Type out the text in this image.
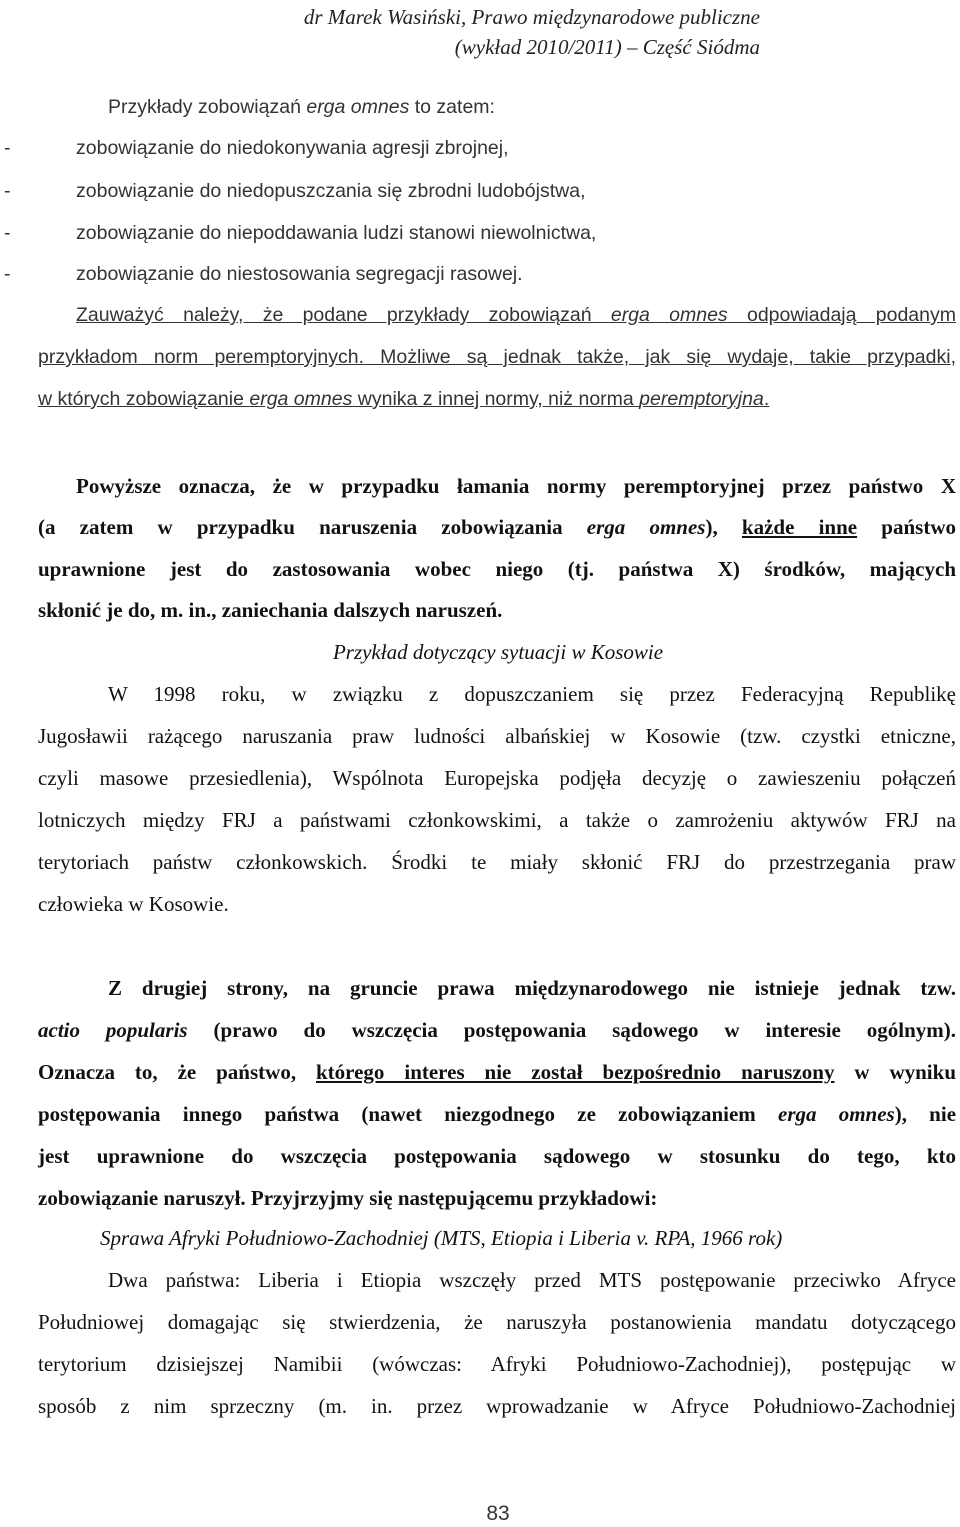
dr Marek Wasiński, Prawo międzynarodowe publiczne
(wykład 2010/2011) – Część Siódma
Przykłady zobowiązań erga omnes to zatem:
-	zobowiązanie do niedokonywania agresji zbrojnej,
-	zobowiązanie do niedopuszczania się zbrodni ludobójstwa,
-	zobowiązanie do niepoddawania ludzi stanowi niewolnictwa,
-	zobowiązanie do niestosowania segregacji rasowej.
Zauważyć należy, że podane przykłady zobowiązań erga omnes odpowiadają podanym
przykładom norm peremptoryjnych. Możliwe są jednak także, jak się wydaje, takie przypadki,
w których zobowiązanie erga omnes wynika z innej normy, niż norma peremptoryjna.
Powyższe oznacza, że w przypadku łamania normy peremptoryjnej przez państwo X
(a zatem w przypadku naruszenia zobowiązania erga omnes), każde inne państwo
uprawnione jest do zastosowania wobec niego (tj. państwa X) środków, mających
skłonić je do, m. in., zaniechania dalszych naruszeń.
Przykład dotyczący sytuacji w Kosowie
W 1998 roku, w związku z dopuszczaniem się przez Federacyjną Republikę
Jugosławii rażącego naruszania praw ludności albańskiej w Kosowie (tzw. czystki etniczne,
czyli masowe przesiedlenia), Wspólnota Europejska podjęła decyzję o zawieszeniu połączeń
lotniczych między FRJ a państwami członkowskimi, a także o zamrożeniu aktywów FRJ na
terytoriach państw członkowskich. Środki te miały skłonić FRJ do przestrzegania praw
człowieka w Kosowie.
Z drugiej strony, na gruncie prawa międzynarodowego nie istnieje jednak tzw.
actio popularis (prawo do wszczęcia postępowania sądowego w interesie ogólnym).
Oznacza to, że państwo, którego interes nie został bezpośrednio naruszony w wyniku
postępowania innego państwa (nawet niezgodnego ze zobowiązaniem erga omnes), nie
jest uprawnione do wszczęcia postępowania sądowego w stosunku do tego, kto
zobowiązanie naruszył. Przyjrzyjmy się następującemu przykładowi:
Sprawa Afryki Południowo-Zachodniej (MTS, Etiopia i Liberia v. RPA, 1966 rok)
Dwa państwa: Liberia i Etiopia wszczęły przed MTS postępowanie przeciwko Afryce
Południowej domagając się stwierdzenia, że naruszyła postanowienia mandatu dotyczącego
terytorium dzisiejszej Namibii (wówczas: Afryki Południowo-Zachodniej), postępując w
sposób z nim sprzeczny (m. in. przez wprowadzanie w Afryce Południowo-Zachodniej
83
